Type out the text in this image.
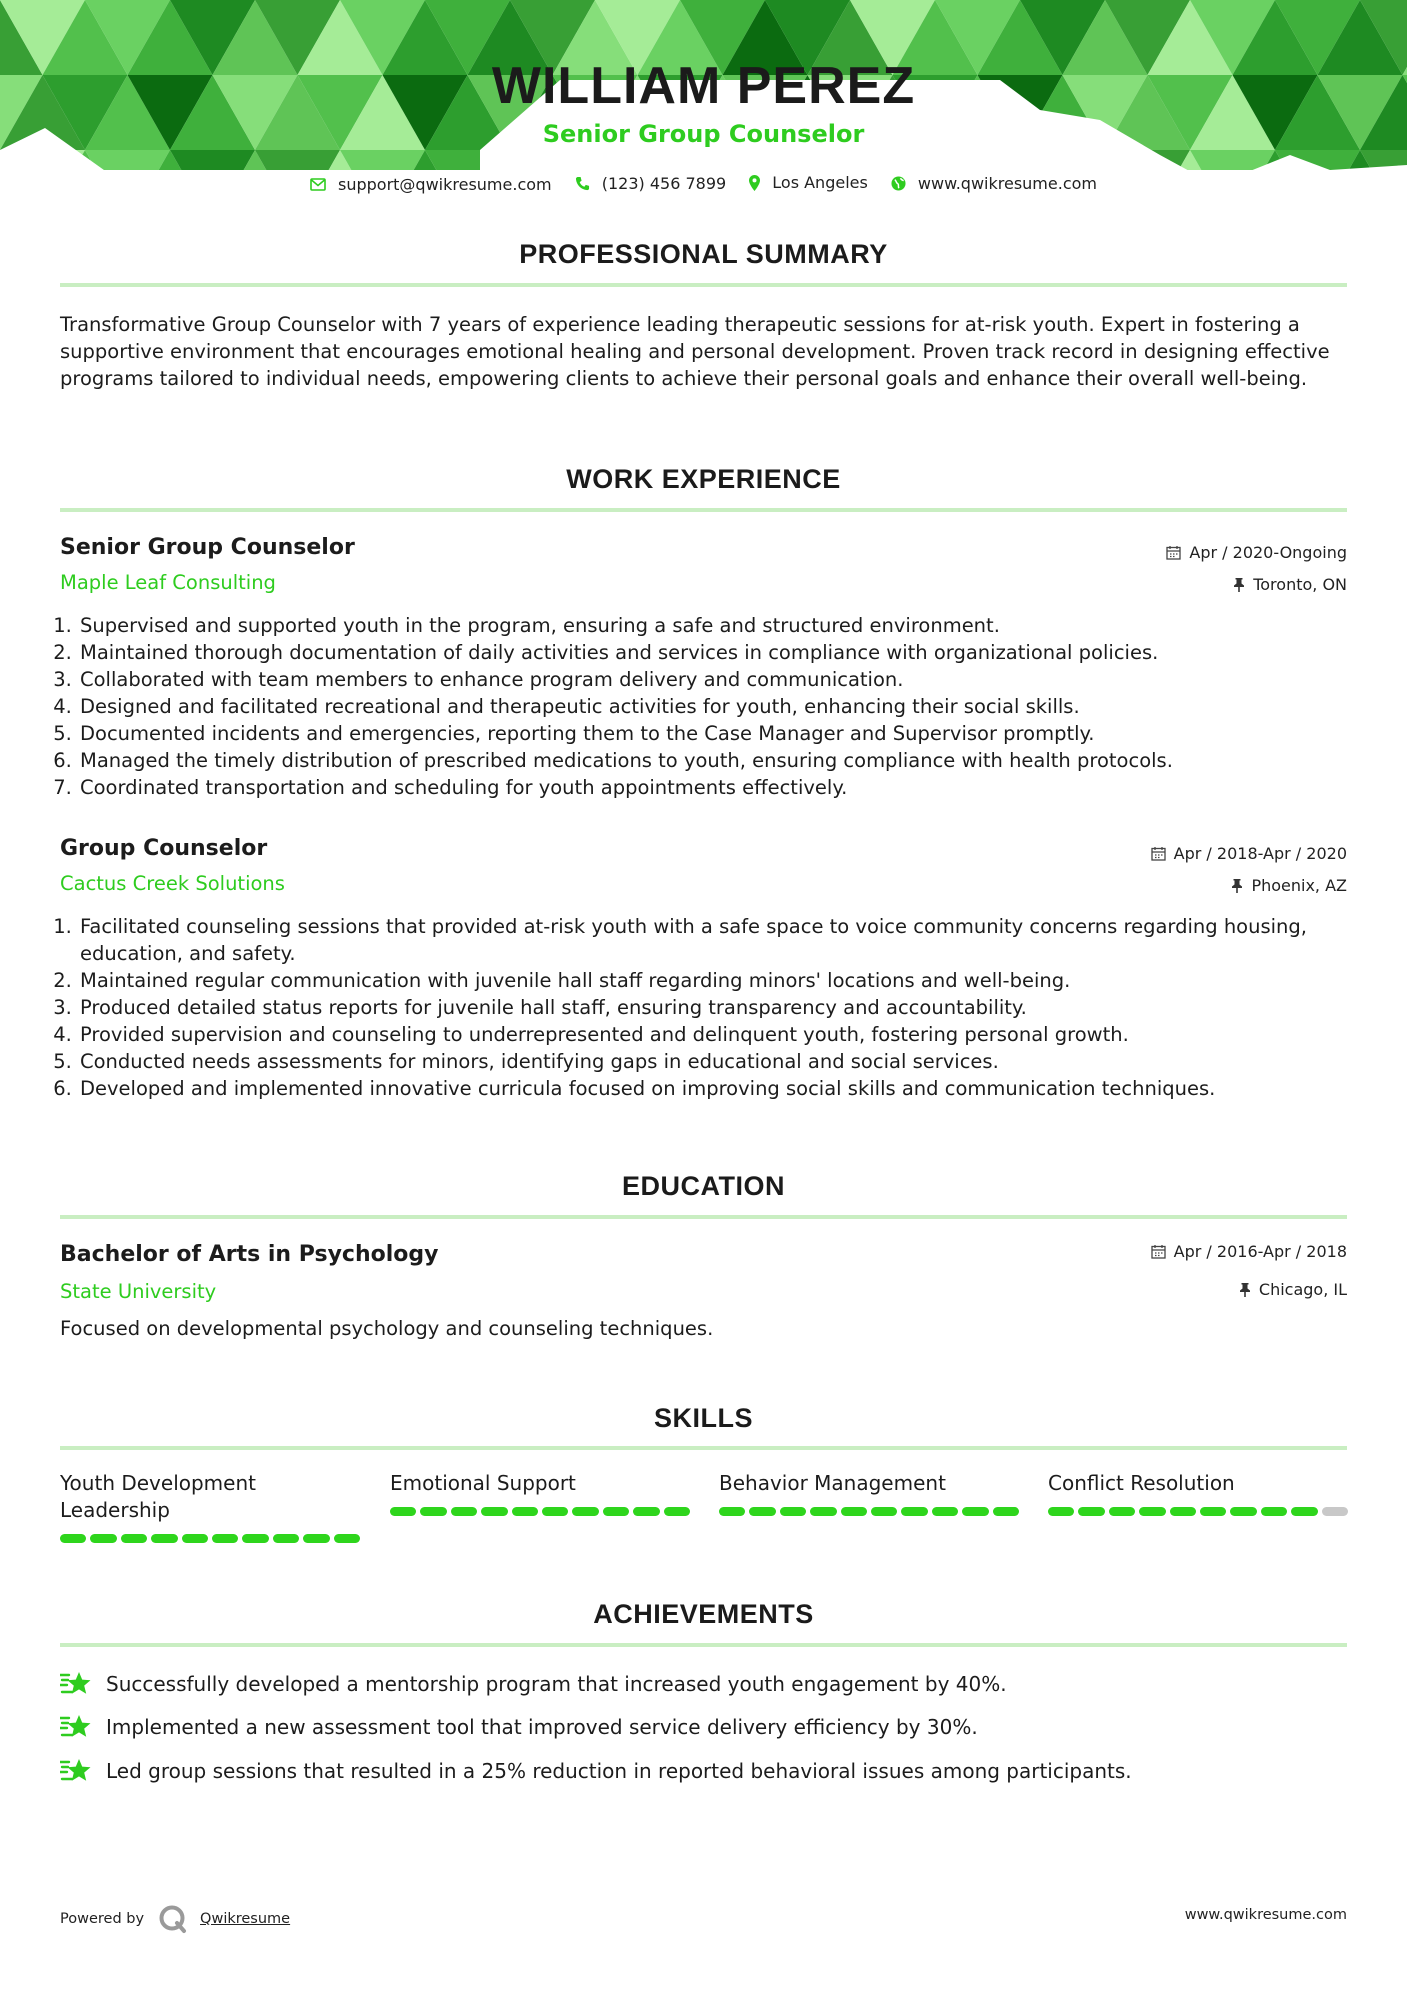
WILLIAM PEREZ
Senior Group Counselor
support@qwikresume.com
	(123) 456 7899
	Los Angeles
	www.qwikresume.com
PROFESSIONAL SUMMARY
Transformative Group Counselor with 7 years of experience leading therapeutic sessions for at-risk youth. Expert in fostering a supportive environment that encourages emotional healing and personal development. Proven track record in designing effective programs tailored to individual needs, empowering clients to achieve their personal goals and enhance their overall well-being.
WORK EXPERIENCE
Senior Group Counselor
Maple Leaf Consulting
Apr / 2020-Ongoing
Toronto, ON
1. Supervised and supported youth in the program, ensuring a safe and structured environment.
2. Maintained thorough documentation of daily activities and services in compliance with organizational policies.
3. Collaborated with team members to enhance program delivery and communication.
4. Designed and facilitated recreational and therapeutic activities for youth, enhancing their social skills.
5. Documented incidents and emergencies, reporting them to the Case Manager and Supervisor promptly.
6. Managed the timely distribution of prescribed medications to youth, ensuring compliance with health protocols.
7. Coordinated transportation and scheduling for youth appointments effectively.
Group Counselor
Cactus Creek Solutions
Apr / 2018-Apr / 2020
Phoenix, AZ
1. Facilitated counseling sessions that provided at-risk youth with a safe space to voice community concerns regarding housing, education, and safety.
2. Maintained regular communication with juvenile hall staff regarding minors' locations and well-being.
3. Produced detailed status reports for juvenile hall staff, ensuring transparency and accountability.
4. Provided supervision and counseling to underrepresented and delinquent youth, fostering personal growth.
5. Conducted needs assessments for minors, identifying gaps in educational and social services.
6. Developed and implemented innovative curricula focused on improving social skills and communication techniques.
EDUCATION
Bachelor of Arts in Psychology
State University
Apr / 2016-Apr / 2018
Chicago, IL
Focused on developmental psychology and counseling techniques.
SKILLS
Youth Development Leadership
Emotional Support	Behavior Management	Conflict Resolution
ACHIEVEMENTS
Successfully developed a mentorship program that increased youth engagement by 40%.
Implemented a new assessment tool that improved service delivery efficiency by 30%.
Led group sessions that resulted in a 25% reduction in reported behavioral issues among participants.
Powered by	Qwikresume	www.qwikresume.com
